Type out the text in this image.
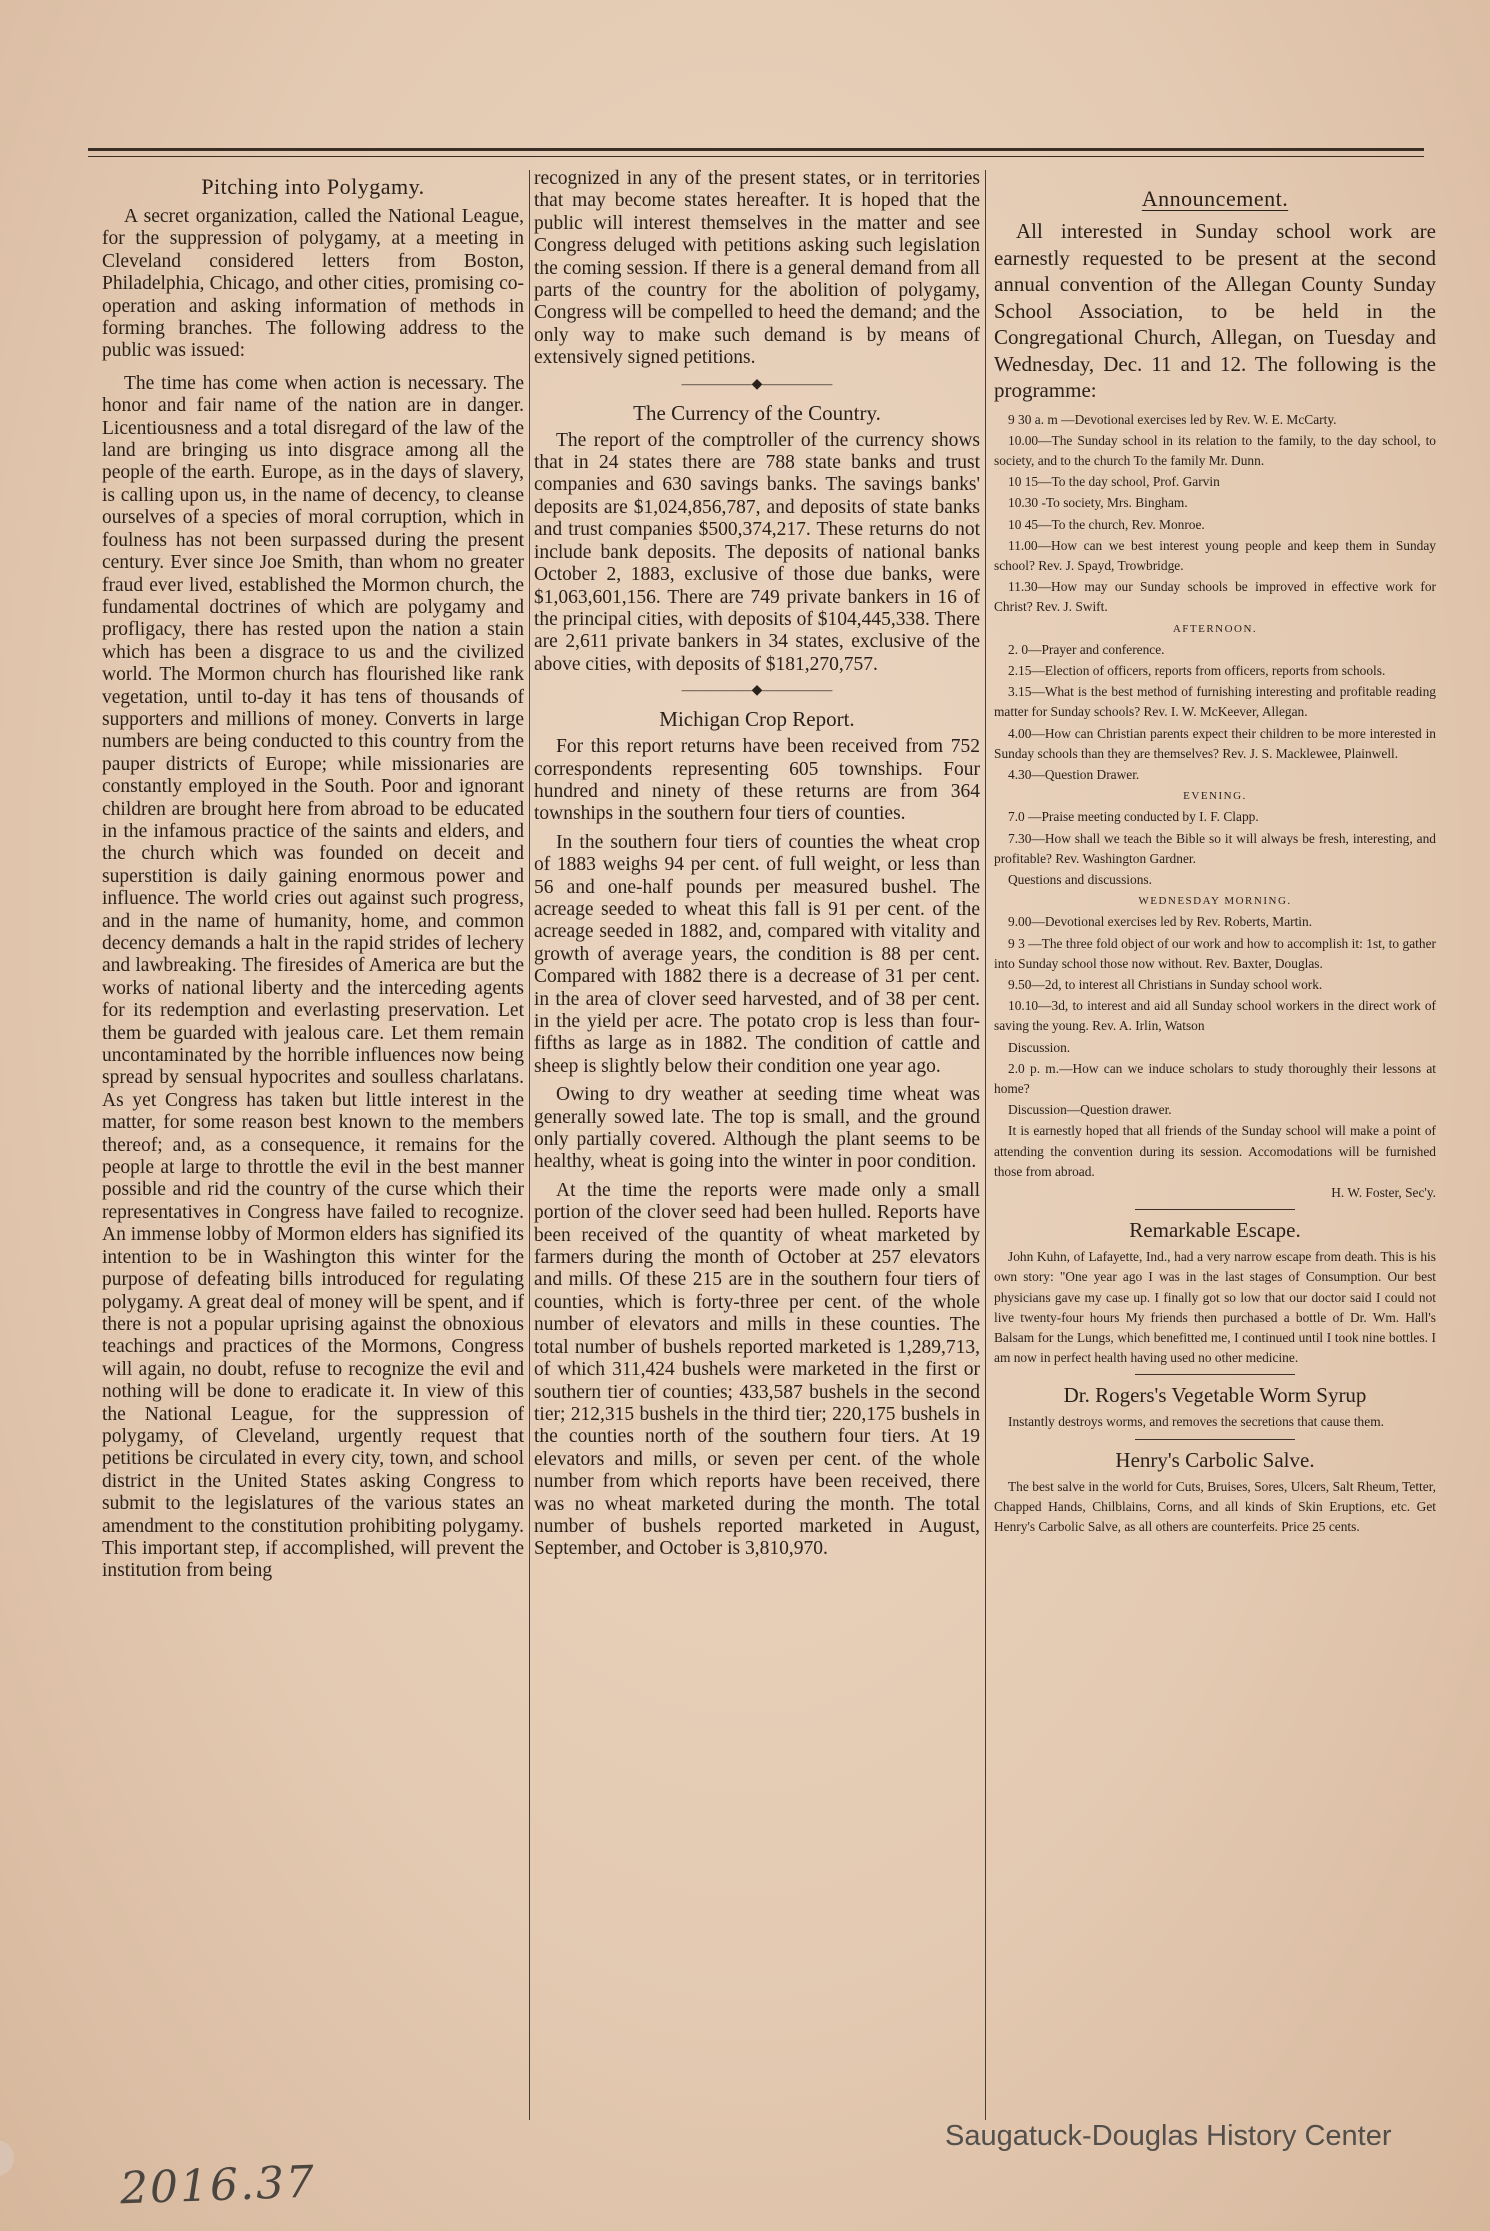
Pitching into Polygamy.

A secret organization, called the National League, for the suppression of polygamy, at a meeting in Cleveland considered letters from Boston, Philadelphia, Chicago, and other cities, promising co-operation and asking information of methods in forming branches. The following address to the public was issued:

The time has come when action is necessary. The honor and fair name of the nation are in danger. Licentiousness and a total disregard of the law of the land are bringing us into disgrace among all the people of the earth. Europe, as in the days of slavery, is calling upon us, in the name of decency, to cleanse ourselves of a species of moral corruption, which in foulness has not been surpassed during the present century. Ever since Joe Smith, than whom no greater fraud ever lived, established the Mormon church, the fundamental doctrines of which are polygamy and profligacy, there has rested upon the nation a stain which has been a disgrace to us and the civilized world. The Mormon church has flourished like rank vegetation, until to-day it has tens of thousands of supporters and millions of money. Converts in large numbers are being conducted to this country from the pauper districts of Europe; while missionaries are constantly employed in the South. Poor and ignorant children are brought here from abroad to be educated in the infamous practice of the saints and elders, and the church which was founded on deceit and superstition is daily gaining enormous power and influence. The world cries out against such progress, and in the name of humanity, home, and common decency demands a halt in the rapid strides of lechery and lawbreaking. The firesides of America are but the works of national liberty and the interceding agents for its redemption and everlasting preservation. Let them be guarded with jealous care. Let them remain uncontaminated by the horrible influences now being spread by sensual hypocrites and soulless charlatans. As yet Congress has taken but little interest in the matter, for some reason best known to the members thereof; and, as a consequence, it remains for the people at large to throttle the evil in the best manner possible and rid the country of the curse which their representatives in Congress have failed to recognize. An immense lobby of Mormon elders has signified its intention to be in Washington this winter for the purpose of defeating bills introduced for regulating polygamy. A great deal of money will be spent, and if there is not a popular uprising against the obnoxious teachings and practices of the Mormons, Congress will again, no doubt, refuse to recognize the evil and nothing will be done to eradicate it. In view of this the National League, for the suppression of polygamy, of Cleveland, urgently request that petitions be circulated in every city, town, and school district in the United States asking Congress to submit to the legislatures of the various states an amendment to the constitution prohibiting polygamy. This important step, if accomplished, will prevent the institution from being

recognized in any of the present states, or in territories that may become states hereafter. It is hoped that the public will interest themselves in the matter and see Congress deluged with petitions asking such legislation the coming session. If there is a general demand from all parts of the country for the abolition of polygamy, Congress will be compelled to heed the demand; and the only way to make such demand is by means of extensively signed petitions.

—————◆—————
The Currency of the Country.

The report of the comptroller of the currency shows that in 24 states there are 788 state banks and trust companies and 630 savings banks. The savings banks' deposits are $1,024,856,787, and deposits of state banks and trust companies $500,374,217. These returns do not include bank deposits. The deposits of national banks October 2, 1883, exclusive of those due banks, were $1,063,601,156. There are 749 private bankers in 16 of the principal cities, with deposits of $104,445,338. There are 2,611 private bankers in 34 states, exclusive of the above cities, with deposits of $181,270,757.

—————◆—————
Michigan Crop Report.

For this report returns have been received from 752 correspondents representing 605 townships. Four hundred and ninety of these returns are from 364 townships in the southern four tiers of counties.

In the southern four tiers of counties the wheat crop of 1883 weighs 94 per cent. of full weight, or less than 56 and one-half pounds per measured bushel. The acreage seeded to wheat this fall is 91 per cent. of the acreage seeded in 1882, and, compared with vitality and growth of average years, the condition is 88 per cent. Compared with 1882 there is a decrease of 31 per cent. in the area of clover seed harvested, and of 38 per cent. in the yield per acre. The potato crop is less than four-fifths as large as in 1882. The condition of cattle and sheep is slightly below their condition one year ago.

Owing to dry weather at seeding time wheat was generally sowed late. The top is small, and the ground only partially covered. Although the plant seems to be healthy, wheat is going into the winter in poor condition.

At the time the reports were made only a small portion of the clover seed had been hulled. Reports have been received of the quantity of wheat marketed by farmers during the month of October at 257 elevators and mills. Of these 215 are in the southern four tiers of counties, which is forty-three per cent. of the whole number of elevators and mills in these counties. The total number of bushels reported marketed is 1,289,713, of which 311,424 bushels were marketed in the first or southern tier of counties; 433,587 bushels in the second tier; 212,315 bushels in the third tier; 220,175 bushels in the counties north of the southern four tiers. At 19 elevators and mills, or seven per cent. of the whole number from which reports have been received, there was no wheat marketed during the month. The total number of bushels reported marketed in August, September, and October is 3,810,970.

Announcement.

All interested in Sunday school work are earnestly requested to be present at the second annual convention of the Allegan County Sunday School Association, to be held in the Congregational Church, Allegan, on Tuesday and Wednesday, Dec. 11 and 12. The following is the programme:

9 30 a. m —Devotional exercises led by Rev. W. E. McCarty.

10.00—The Sunday school in its relation to the family, to the day school, to society, and to the church To the family Mr. Dunn.

10 15—To the day school, Prof. Garvin

10.30 -To society, Mrs. Bingham.

10 45—To the church, Rev. Monroe.

11.00—How can we best interest young people and keep them in Sunday school? Rev. J. Spayd, Trowbridge.

11.30—How may our Sunday schools be improved in effective work for Christ? Rev. J. Swift.

AFTERNOON.

2. 0—Prayer and conference.

2.15—Election of officers, reports from officers, reports from schools.

3.15—What is the best method of furnishing interesting and profitable reading matter for Sunday schools? Rev. I. W. McKeever, Allegan.

4.00—How can Christian parents expect their children to be more interested in Sunday schools than they are themselves? Rev. J. S. Macklewee, Plainwell.

4.30—Question Drawer.

EVENING.

7.0 —Praise meeting conducted by I. F. Clapp.

7.30—How shall we teach the Bible so it will always be fresh, interesting, and profitable? Rev. Washington Gardner.

Questions and discussions.

WEDNESDAY MORNING.

9.00—Devotional exercises led by Rev. Roberts, Martin.

9 3 —The three fold object of our work and how to accomplish it: 1st, to gather into Sunday school those now without. Rev. Baxter, Douglas.

9.50—2d, to interest all Christians in Sunday school work.

10.10—3d, to interest and aid all Sunday school workers in the direct work of saving the young. Rev. A. Irlin, Watson

Discussion.

2.0 p. m.—How can we induce scholars to study thoroughly their lessons at home?

Discussion—Question drawer.

It is earnestly hoped that all friends of the Sunday school will make a point of attending the convention during its session. Accomodations will be furnished those from abroad.

H. W. Foster, Sec'y.

Remarkable Escape.

John Kuhn, of Lafayette, Ind., had a very narrow escape from death. This is his own story: "One year ago I was in the last stages of Consumption. Our best physicians gave my case up. I finally got so low that our doctor said I could not live twenty-four hours My friends then purchased a bottle of Dr. Wm. Hall's Balsam for the Lungs, which benefitted me, I continued until I took nine bottles. I am now in perfect health having used no other medicine.

Dr. Rogers's Vegetable Worm Syrup

Instantly destroys worms, and removes the secretions that cause them.

Henry's Carbolic Salve.

The best salve in the world for Cuts, Bruises, Sores, Ulcers, Salt Rheum, Tetter, Chapped Hands, Chilblains, Corns, and all kinds of Skin Eruptions, etc. Get Henry's Carbolic Salve, as all others are counterfeits. Price 25 cents.

Saugatuck-Douglas History Center
2016.37
